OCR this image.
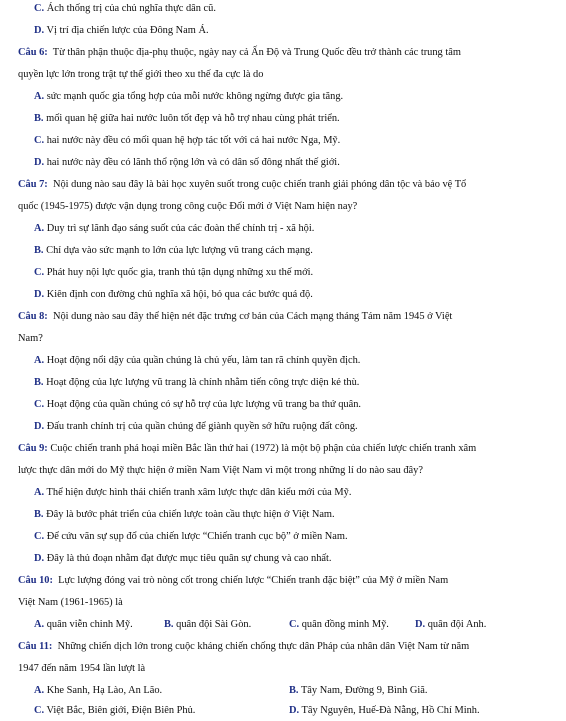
C. Ách thống trị của chủ nghĩa thực dân cũ.
D. Vị trí địa chiến lược của Đông Nam Á.
Câu 6: Từ thân phận thuộc địa-phụ thuộc, ngày nay cả Ấn Độ và Trung Quốc đều trở thành các trung tâm
quyền lực lớn trong trật tự thế giới theo xu thế đa cực là do
A. sức mạnh quốc gia tổng hợp của mỗi nước không ngừng được gia tăng.
B. mối quan hệ giữa hai nước luôn tốt đẹp và hỗ trợ nhau cùng phát triển.
C. hai nước này đều có mối quan hệ hợp tác tốt với cả hai nước Nga, Mỹ.
D. hai nước này đều có lãnh thổ rộng lớn và có dân số đông nhất thế giới.
Câu 7: Nội dung nào sau đây là bài học xuyên suốt trong cuộc chiến tranh giải phóng dân tộc và bảo vệ Tổ
quốc (1945-1975) được vận dụng trong công cuộc Đổi mới ở Việt Nam hiện nay?
A. Duy trì sự lãnh đạo sáng suốt của các đoàn thể chính trị - xã hội.
B. Chỉ dựa vào sức mạnh to lớn của lực lượng vũ trang cách mạng.
C. Phát huy nội lực quốc gia, tranh thủ tận dụng những xu thế mới.
D. Kiên định con đường chủ nghĩa xã hội, bỏ qua các bước quá độ.
Câu 8: Nội dung nào sau đây thể hiện nét đặc trưng cơ bản của Cách mạng tháng Tám năm 1945 ở Việt
Nam?
A. Hoạt động nổi dậy của quần chúng là chủ yếu, làm tan rã chính quyền địch.
B. Hoạt động của lực lượng vũ trang là chính nhằm tiến công trực diện kẻ thù.
C. Hoạt động của quần chúng có sự hỗ trợ của lực lượng vũ trang ba thứ quân.
D. Đấu tranh chính trị của quần chúng để giành quyền sở hữu ruộng đất công.
Câu 9: Cuộc chiến tranh phá hoại miền Bắc lần thứ hai (1972) là một bộ phận của chiến lược chiến tranh xâm
lược thực dân mới do Mỹ thực hiện ở miền Nam Việt Nam vì một trong những lí do nào sau đây?
A. Thể hiện được hình thái chiến tranh xâm lược thực dân kiểu mới của Mỹ.
B. Đây là bước phát triển của chiến lược toàn cầu thực hiện ở Việt Nam.
C. Để cứu vãn sự sụp đổ của chiến lược “Chiến tranh cục bộ” ở miền Nam.
D. Đây là thủ đoạn nhằm đạt được mục tiêu quân sự chung và cao nhất.
Câu 10: Lực lượng đóng vai trò nòng cốt trong chiến lược “Chiến tranh đặc biệt” của Mỹ ở miền Nam
Việt Nam (1961-1965) là
A. quân viễn chinh Mỹ.	B. quân đội Sài Gòn.	C. quân đồng minh Mỹ.	D. quân đội Anh.
Câu 11: Những chiến dịch lớn trong cuộc kháng chiến chống thực dân Pháp của nhân dân Việt Nam từ năm
1947 đến năm 1954 lần lượt là
A. Khe Sanh, Hạ Lào, An Lão.	B. Tây Nam, Đường 9, Bình Giã.
C. Việt Bắc, Biên giới, Điện Biên Phủ.	D. Tây Nguyên, Huế-Đà Nẵng, Hồ Chí Minh.
